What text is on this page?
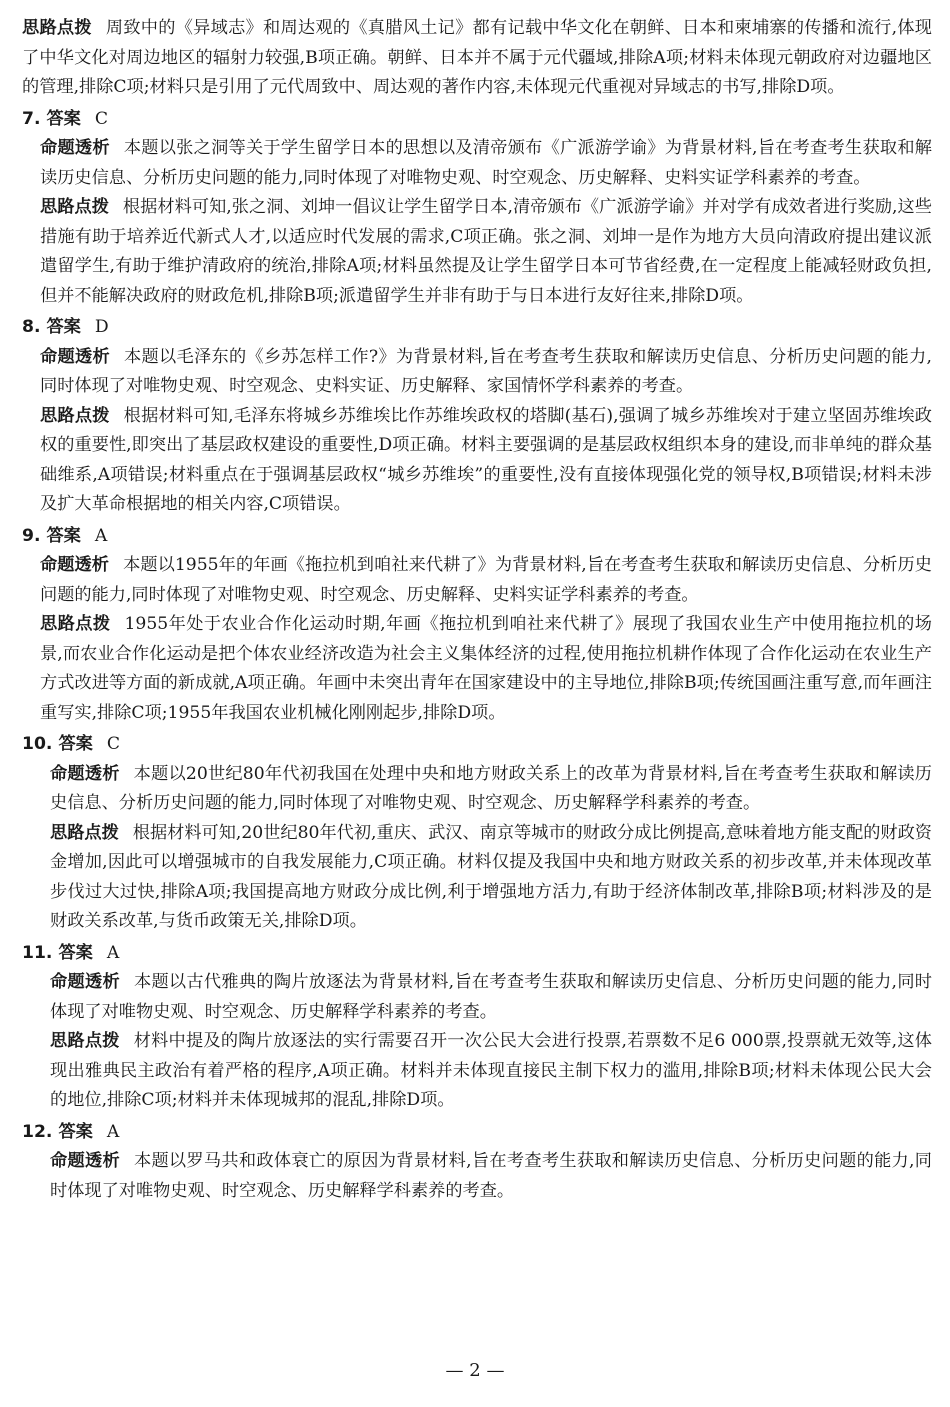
思路点拨 周致中的《异域志》和周达观的《真腊风土记》都有记载中华文化在朝鲜、日本和柬埔寨的传播和流行,体现了中华文化对周边地区的辐射力较强,B项正确。朝鲜、日本并不属于元代疆域,排除A项;材料未体现元朝政府对边疆地区的管理,排除C项;材料只是引用了元代周致中、周达观的著作内容,未体现元代重视对异域志的书写,排除D项。

7. 答案 C

命题透析 本题以张之洞等关于学生留学日本的思想以及清帝颁布《广派游学谕》为背景材料,旨在考查考生获取和解读历史信息、分析历史问题的能力,同时体现了对唯物史观、时空观念、历史解释、史料实证学科素养的考查。

思路点拨 根据材料可知,张之洞、刘坤一倡议让学生留学日本,清帝颁布《广派游学谕》并对学有成效者进行奖励,这些措施有助于培养近代新式人才,以适应时代发展的需求,C项正确。张之洞、刘坤一是作为地方大员向清政府提出建议派遣留学生,有助于维护清政府的统治,排除A项;材料虽然提及让学生留学日本可节省经费,在一定程度上能减轻财政负担,但并不能解决政府的财政危机,排除B项;派遣留学生并非有助于与日本进行友好往来,排除D项。

8. 答案 D

命题透析 本题以毛泽东的《乡苏怎样工作?》为背景材料,旨在考查考生获取和解读历史信息、分析历史问题的能力,同时体现了对唯物史观、时空观念、史料实证、历史解释、家国情怀学科素养的考查。

思路点拨 根据材料可知,毛泽东将城乡苏维埃比作苏维埃政权的塔脚(基石),强调了城乡苏维埃对于建立坚固苏维埃政权的重要性,即突出了基层政权建设的重要性,D项正确。材料主要强调的是基层政权组织本身的建设,而非单纯的群众基础维系,A项错误;材料重点在于强调基层政权“城乡苏维埃”的重要性,没有直接体现强化党的领导权,B项错误;材料未涉及扩大革命根据地的相关内容,C项错误。

9. 答案 A

命题透析 本题以1955年的年画《拖拉机到咱社来代耕了》为背景材料,旨在考查考生获取和解读历史信息、分析历史问题的能力,同时体现了对唯物史观、时空观念、历史解释、史料实证学科素养的考查。

思路点拨 1955年处于农业合作化运动时期,年画《拖拉机到咱社来代耕了》展现了我国农业生产中使用拖拉机的场景,而农业合作化运动是把个体农业经济改造为社会主义集体经济的过程,使用拖拉机耕作体现了合作化运动在农业生产方式改进等方面的新成就,A项正确。年画中未突出青年在国家建设中的主导地位,排除B项;传统国画注重写意,而年画注重写实,排除C项;1955年我国农业机械化刚刚起步,排除D项。

10. 答案 C

命题透析 本题以20世纪80年代初我国在处理中央和地方财政关系上的改革为背景材料,旨在考查考生获取和解读历史信息、分析历史问题的能力,同时体现了对唯物史观、时空观念、历史解释学科素养的考查。

思路点拨 根据材料可知,20世纪80年代初,重庆、武汉、南京等城市的财政分成比例提高,意味着地方能支配的财政资金增加,因此可以增强城市的自我发展能力,C项正确。材料仅提及我国中央和地方财政关系的初步改革,并未体现改革步伐过大过快,排除A项;我国提高地方财政分成比例,利于增强地方活力,有助于经济体制改革,排除B项;材料涉及的是财政关系改革,与货币政策无关,排除D项。

11. 答案 A

命题透析 本题以古代雅典的陶片放逐法为背景材料,旨在考查考生获取和解读历史信息、分析历史问题的能力,同时体现了对唯物史观、时空观念、历史解释学科素养的考查。

思路点拨 材料中提及的陶片放逐法的实行需要召开一次公民大会进行投票,若票数不足6 000票,投票就无效等,这体现出雅典民主政治有着严格的程序,A项正确。材料并未体现直接民主制下权力的滥用,排除B项;材料未体现公民大会的地位,排除C项;材料并未体现城邦的混乱,排除D项。

12. 答案 A

命题透析 本题以罗马共和政体衰亡的原因为背景材料,旨在考查考生获取和解读历史信息、分析历史问题的能力,同时体现了对唯物史观、时空观念、历史解释学科素养的考查。

— 2 —
